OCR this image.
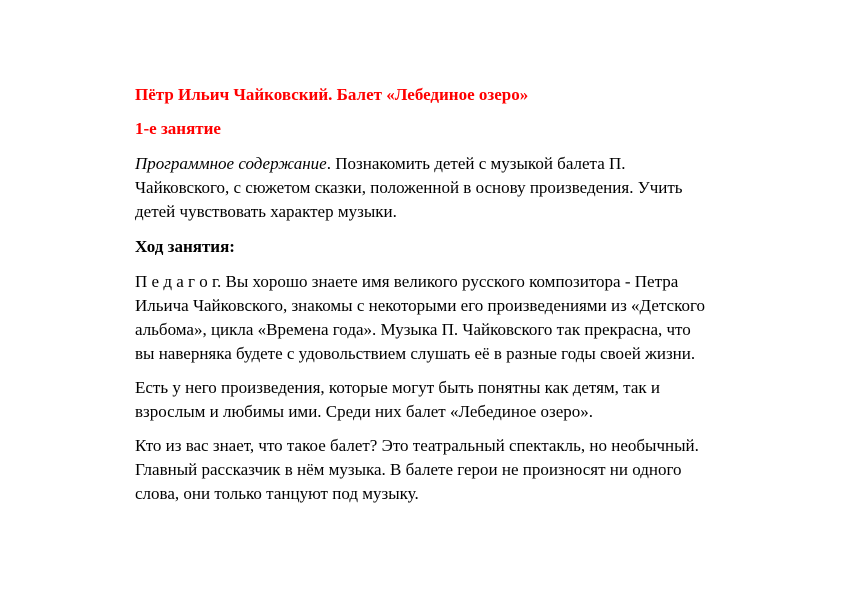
Пётр Ильич Чайковский. Балет «Лебединое озеро»

1-е занятие

Программное содержание. Познакомить детей с музыкой балета П.
Чайковского, с сюжетом сказки, положенной в основу произведения. Учить
детей чувствовать характер музыки.

Ход занятия:

П е д а г о г. Вы хорошо знаете имя великого русского композитора - Петра
Ильича Чайковского, знакомы с некоторыми его произведениями из «Детского
альбома», цикла «Времена года». Музыка П. Чайковского так прекрасна, что
вы наверняка будете с удовольствием слушать её в разные годы своей жизни.

Есть у него произведения, которые могут быть понятны как детям, так и
взрослым и любимы ими. Среди них балет «Лебединое озеро».

Кто из вас знает, что такое балет? Это театральный спектакль, но необычный.
Главный рассказчик в нём музыка. В балете герои не произносят ни одного
слова, они только танцуют под музыку.
